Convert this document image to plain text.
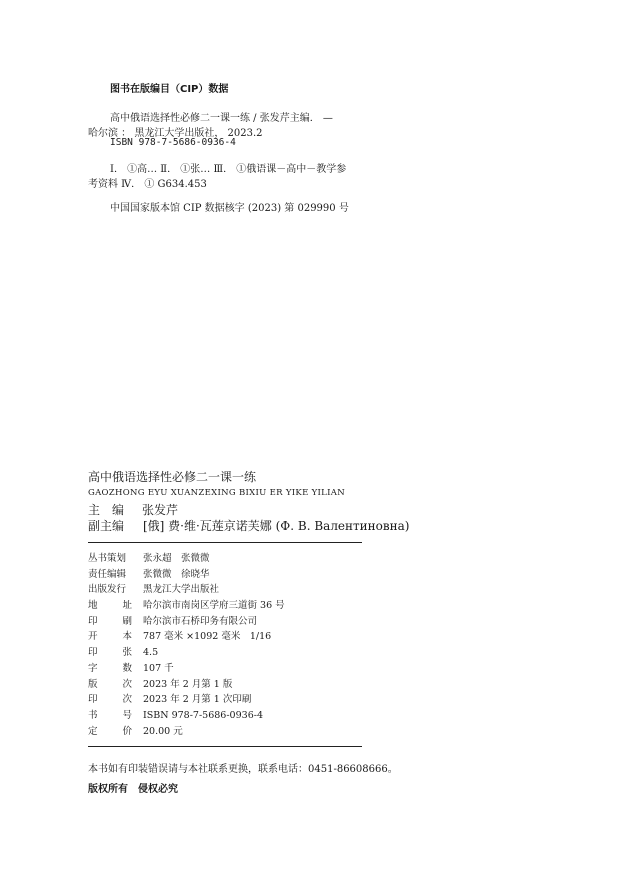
图书在版编目（CIP）数据
高中俄语选择性必修二一课一练 / 张发芹主编． —
哈尔滨 ： 黑龙江大学出版社， 2023.2
ISBN 978-7-5686-0936-4
Ⅰ． ①高… Ⅱ． ①张… Ⅲ． ①俄语课－高中－教学参
考资料 Ⅳ． ① G634.453
中国国家版本馆 CIP 数据核字 (2023) 第 029990 号
高中俄语选择性必修二一课一练
GAOZHONG EYU XUANZEXING BIXIU ER YIKE YILIAN
主编 张发芹
副主编	[俄] 费·维·瓦莲京诺芙娜 (Ф. В. Валентиновна)
丛书策划	张永超　张微微
责任编辑	张微微　徐晓华
出版发行	黑龙江大学出版社
地	址	哈尔滨市南岗区学府三道街 36 号
印	刷	哈尔滨市石桥印务有限公司
开	本	787 毫米 ×1092 毫米　1/16
印	张	4.5
字	数	107 千
版	次	2023 年 2 月第 1 版
印	次	2023 年 2 月第 1 次印刷
书	号	ISBN 978-7-5686-0936-4
定	价	20.00 元
本书如有印装错误请与本社联系更换，联系电话：0451-86608666。
版权所有　侵权必究
